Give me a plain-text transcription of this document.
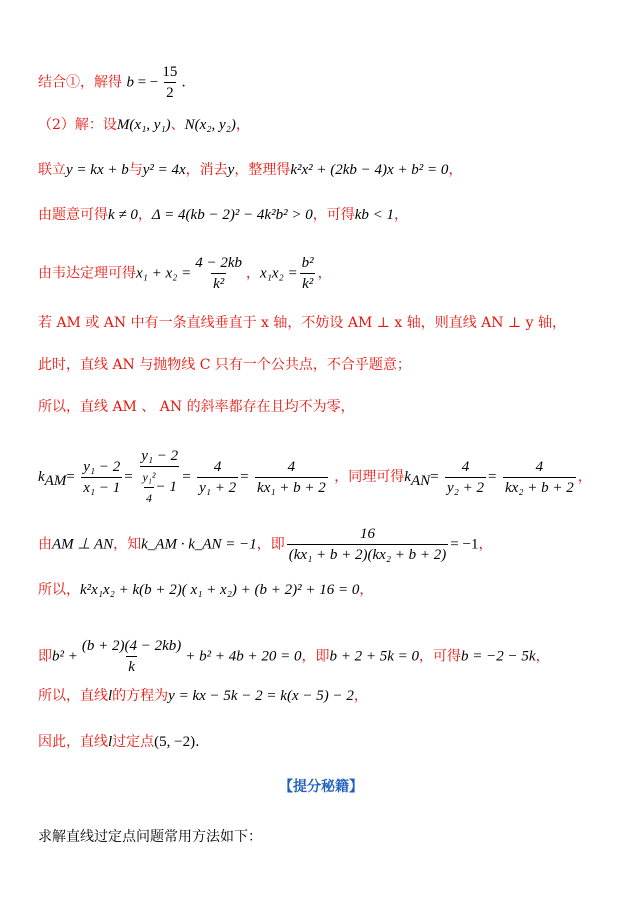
结合①，解得 b = − $\frac{15}{2}$ .
（2）解：设M(x₁, y₁)、N(x₂, y₂)，
联立y = kx + b与y² = 4x，消去y，整理得k²x² + (2kb − 4)x + b² = 0，
由题意可得k ≠ 0，Δ = 4(kb − 2)² − 4k²b² > 0，可得kb < 1，
由韦达定理可得$x_1 + x_2 = \frac{4 - 2kb}{\text{k²}}$ ，$x_1x_2 = \frac{\text{b²}}{\text{k²}}$ ，
若 AM 或 AN 中有一条直线垂直于 x 轴，不妨设 AM ⊥ x 轴，则直线 AN ⊥ y 轴，
此时，直线 AN 与抛物线 C 只有一个公共点，不合乎题意；
所以，直线 AM 、 AN 的斜率都存在且均不为零，
$k_{AM}= \frac{\text{y₁ − 2}}{\text{x₁ − 1}} = \frac{\text{y₁ − 2}}{\frac{\text{y₁²}}{4} - 1} = \frac{4}{\text{y₁ + 2}} = \frac{4}{\text{kx₁ + b + 2}}$ ，同理可得$k_{AN}= \frac{4}{\text{y₂ + 2}} = \frac{4}{\text{kx₂ + b + 2}}$ ，
由AM ⊥ AN，知k_AM · k_AN = −1，即 $\frac{16}{\text{(kx₁ + b + 2)(kx₂ + b + 2)}} = -1$，
所以，k²x₁x₂ + k(b + 2)( x₁ + x₂) + (b + 2)² + 16 = 0，
即$b^2 + \frac{(b + 2)(4 - 2kb)}{k} + b^2 + 4b + 20 = 0$，即b + 2 + 5k = 0，可得b = −2 − 5k，
所以，直线l的方程为y = kx − 5k − 2 = k(x − 5) − 2，
因此，直线l过定点(5, −2).
【提分秘籍】
求解直线过定点问题常用方法如下：
